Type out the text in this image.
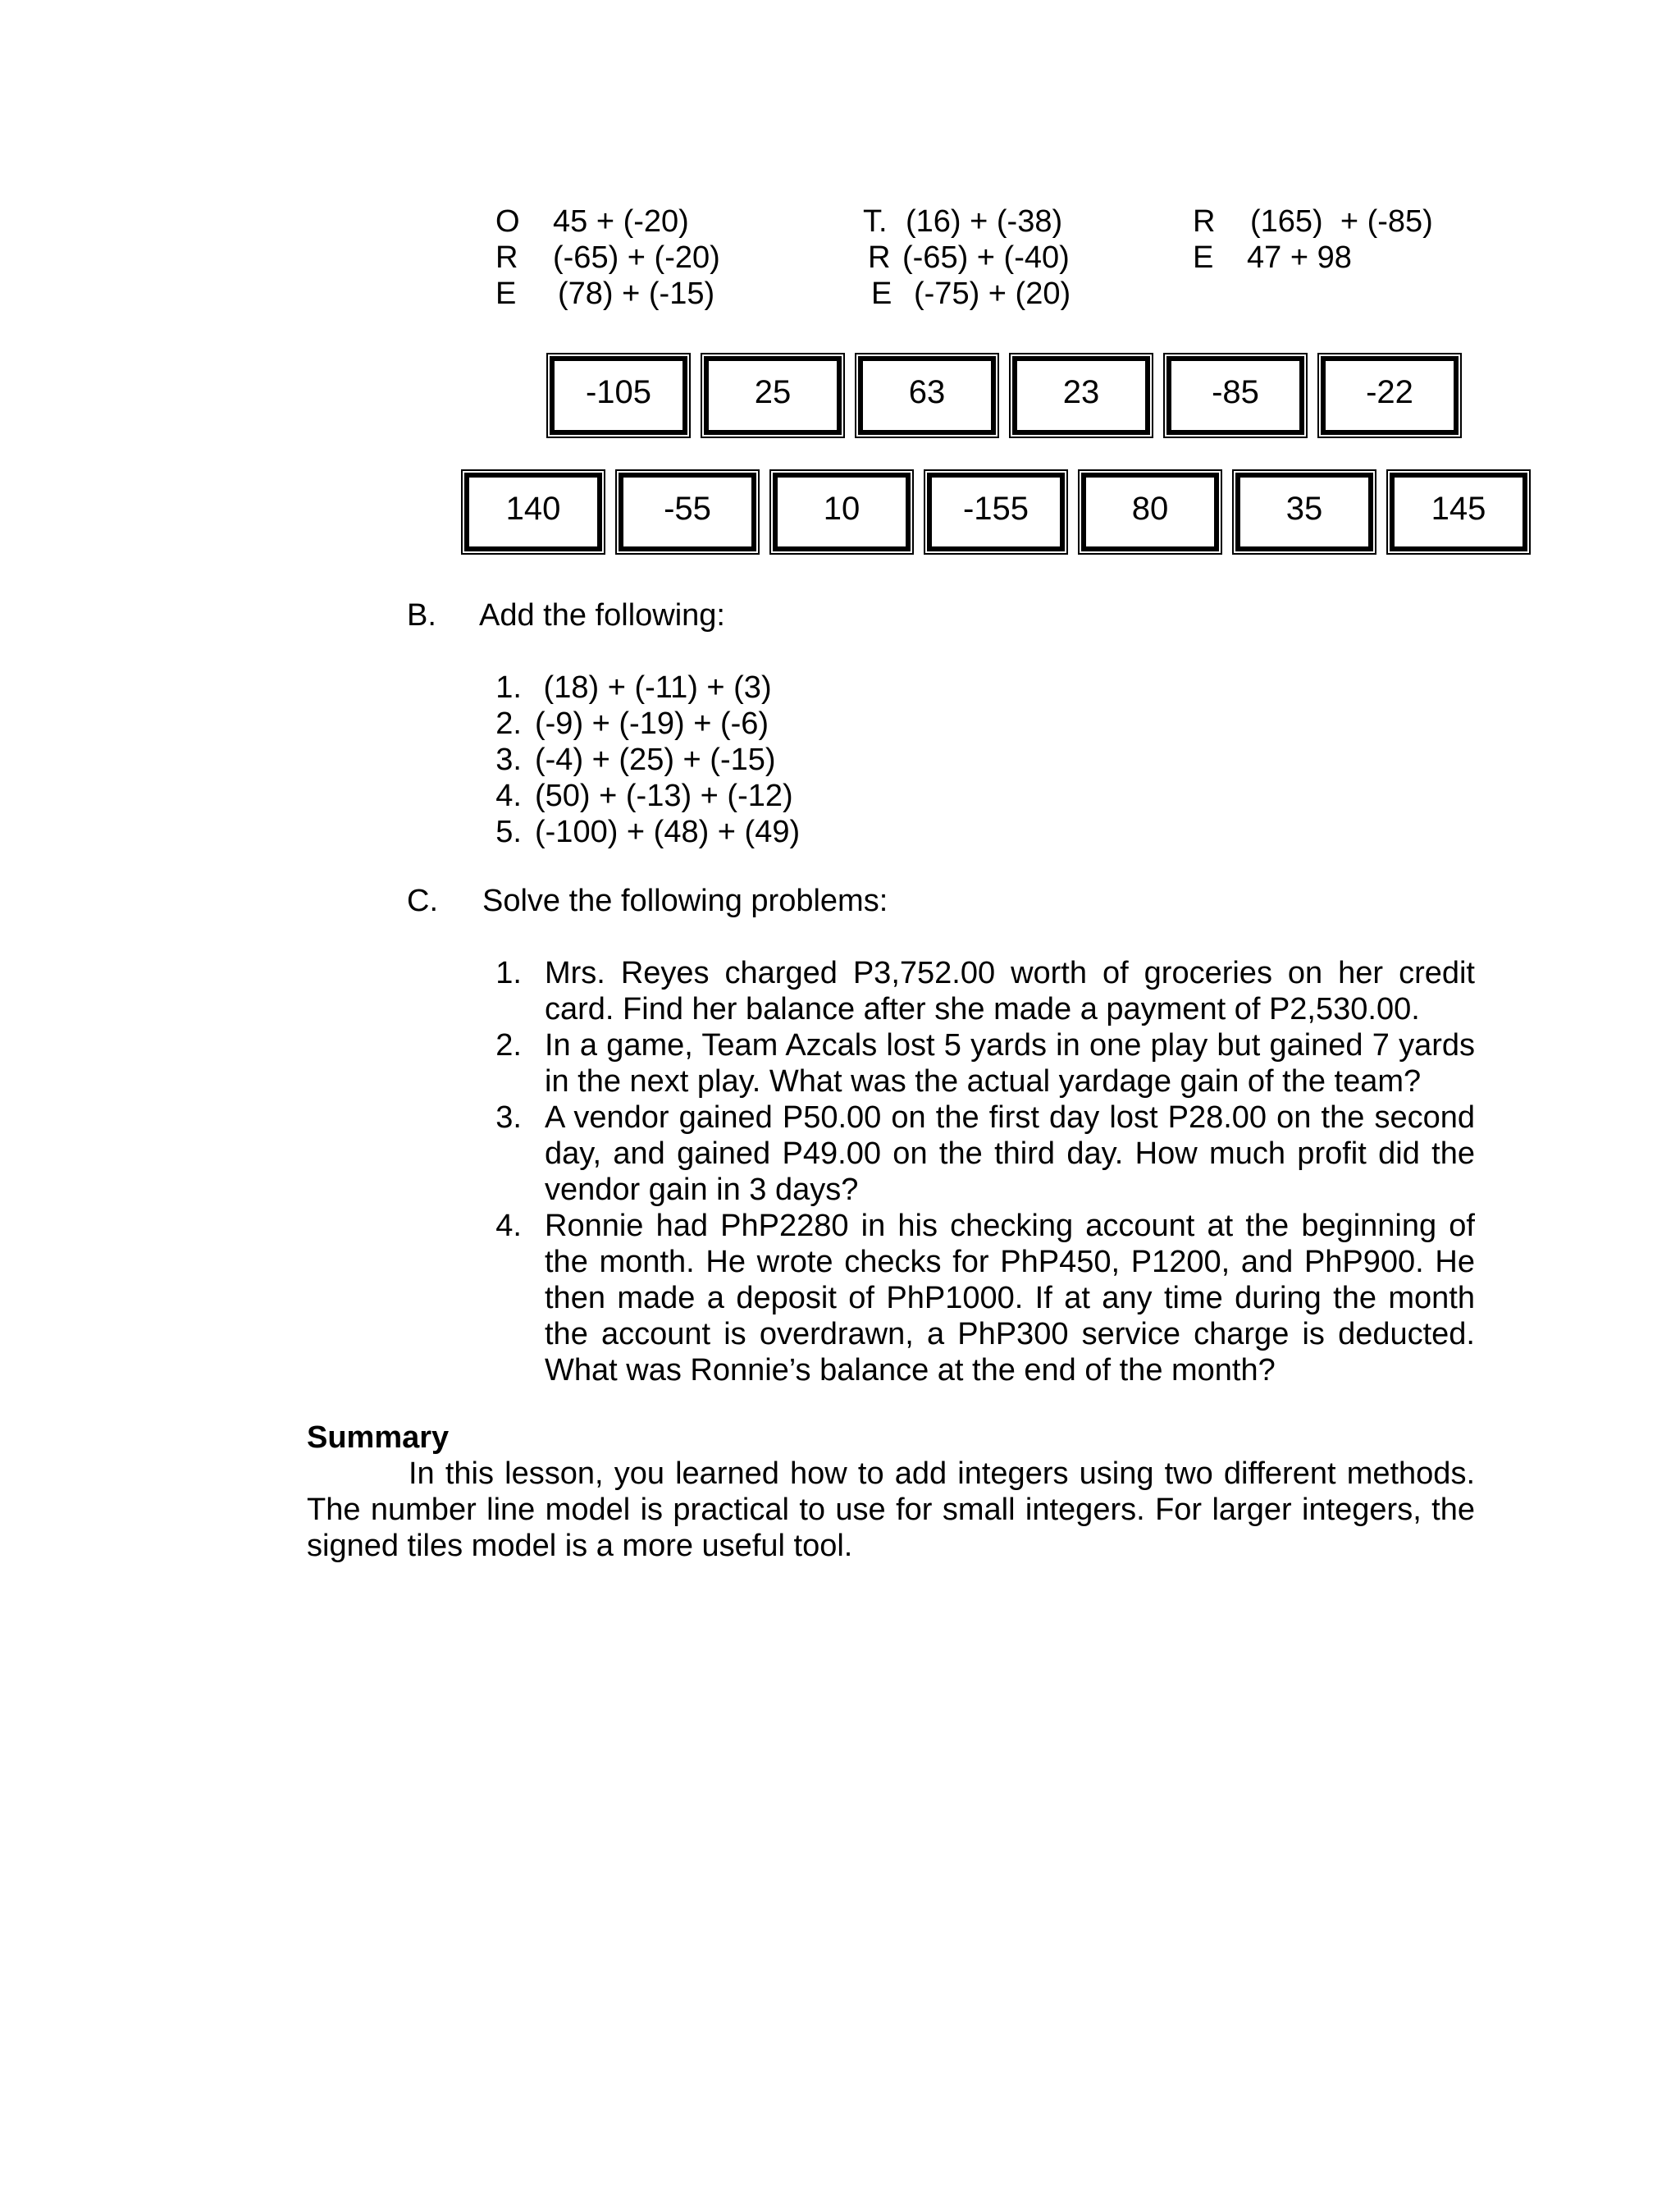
O 45 + (-20)
R (-65) + (-20)
E (78) + (-15)
T. (16) + (-38)
R (-65) + (-40)
E (-75) + (20)
R (165)  + (-85)
E 47 + 98
-105	25	63	23	-85	-22
140	-55	10	-155	80	35	145
B. Add the following:
1. (18) + (-11) + (3)
2. (-9) + (-19) + (-6)
3. (-4) + (25) + (-15)
4. (50) + (-13) + (-12)
5. (-100) + (48) + (49)
C. Solve the following problems:
1. Mrs. Reyes charged P3,752.00 worth of groceries on her credit card. Find her balance after she made a payment of P2,530.00.
2. In a game, Team Azcals lost 5 yards in one play but gained 7 yards in the next play. What was the actual yardage gain of the team?
3. A vendor gained P50.00 on the first day lost P28.00 on the second day, and gained P49.00 on the third day. How much profit did the vendor gain in 3 days?
4. Ronnie had PhP2280 in his checking account at the beginning of the month. He wrote checks for PhP450, P1200, and PhP900. He then made a deposit of PhP1000. If at any time during the month the account is overdrawn, a PhP300 service charge is deducted. What was Ronnie’s balance at the end of the month?
Summary
In this lesson, you learned how to add integers using two different methods. The number line model is practical to use for small integers. For larger integers, the signed tiles model is a more useful tool.
